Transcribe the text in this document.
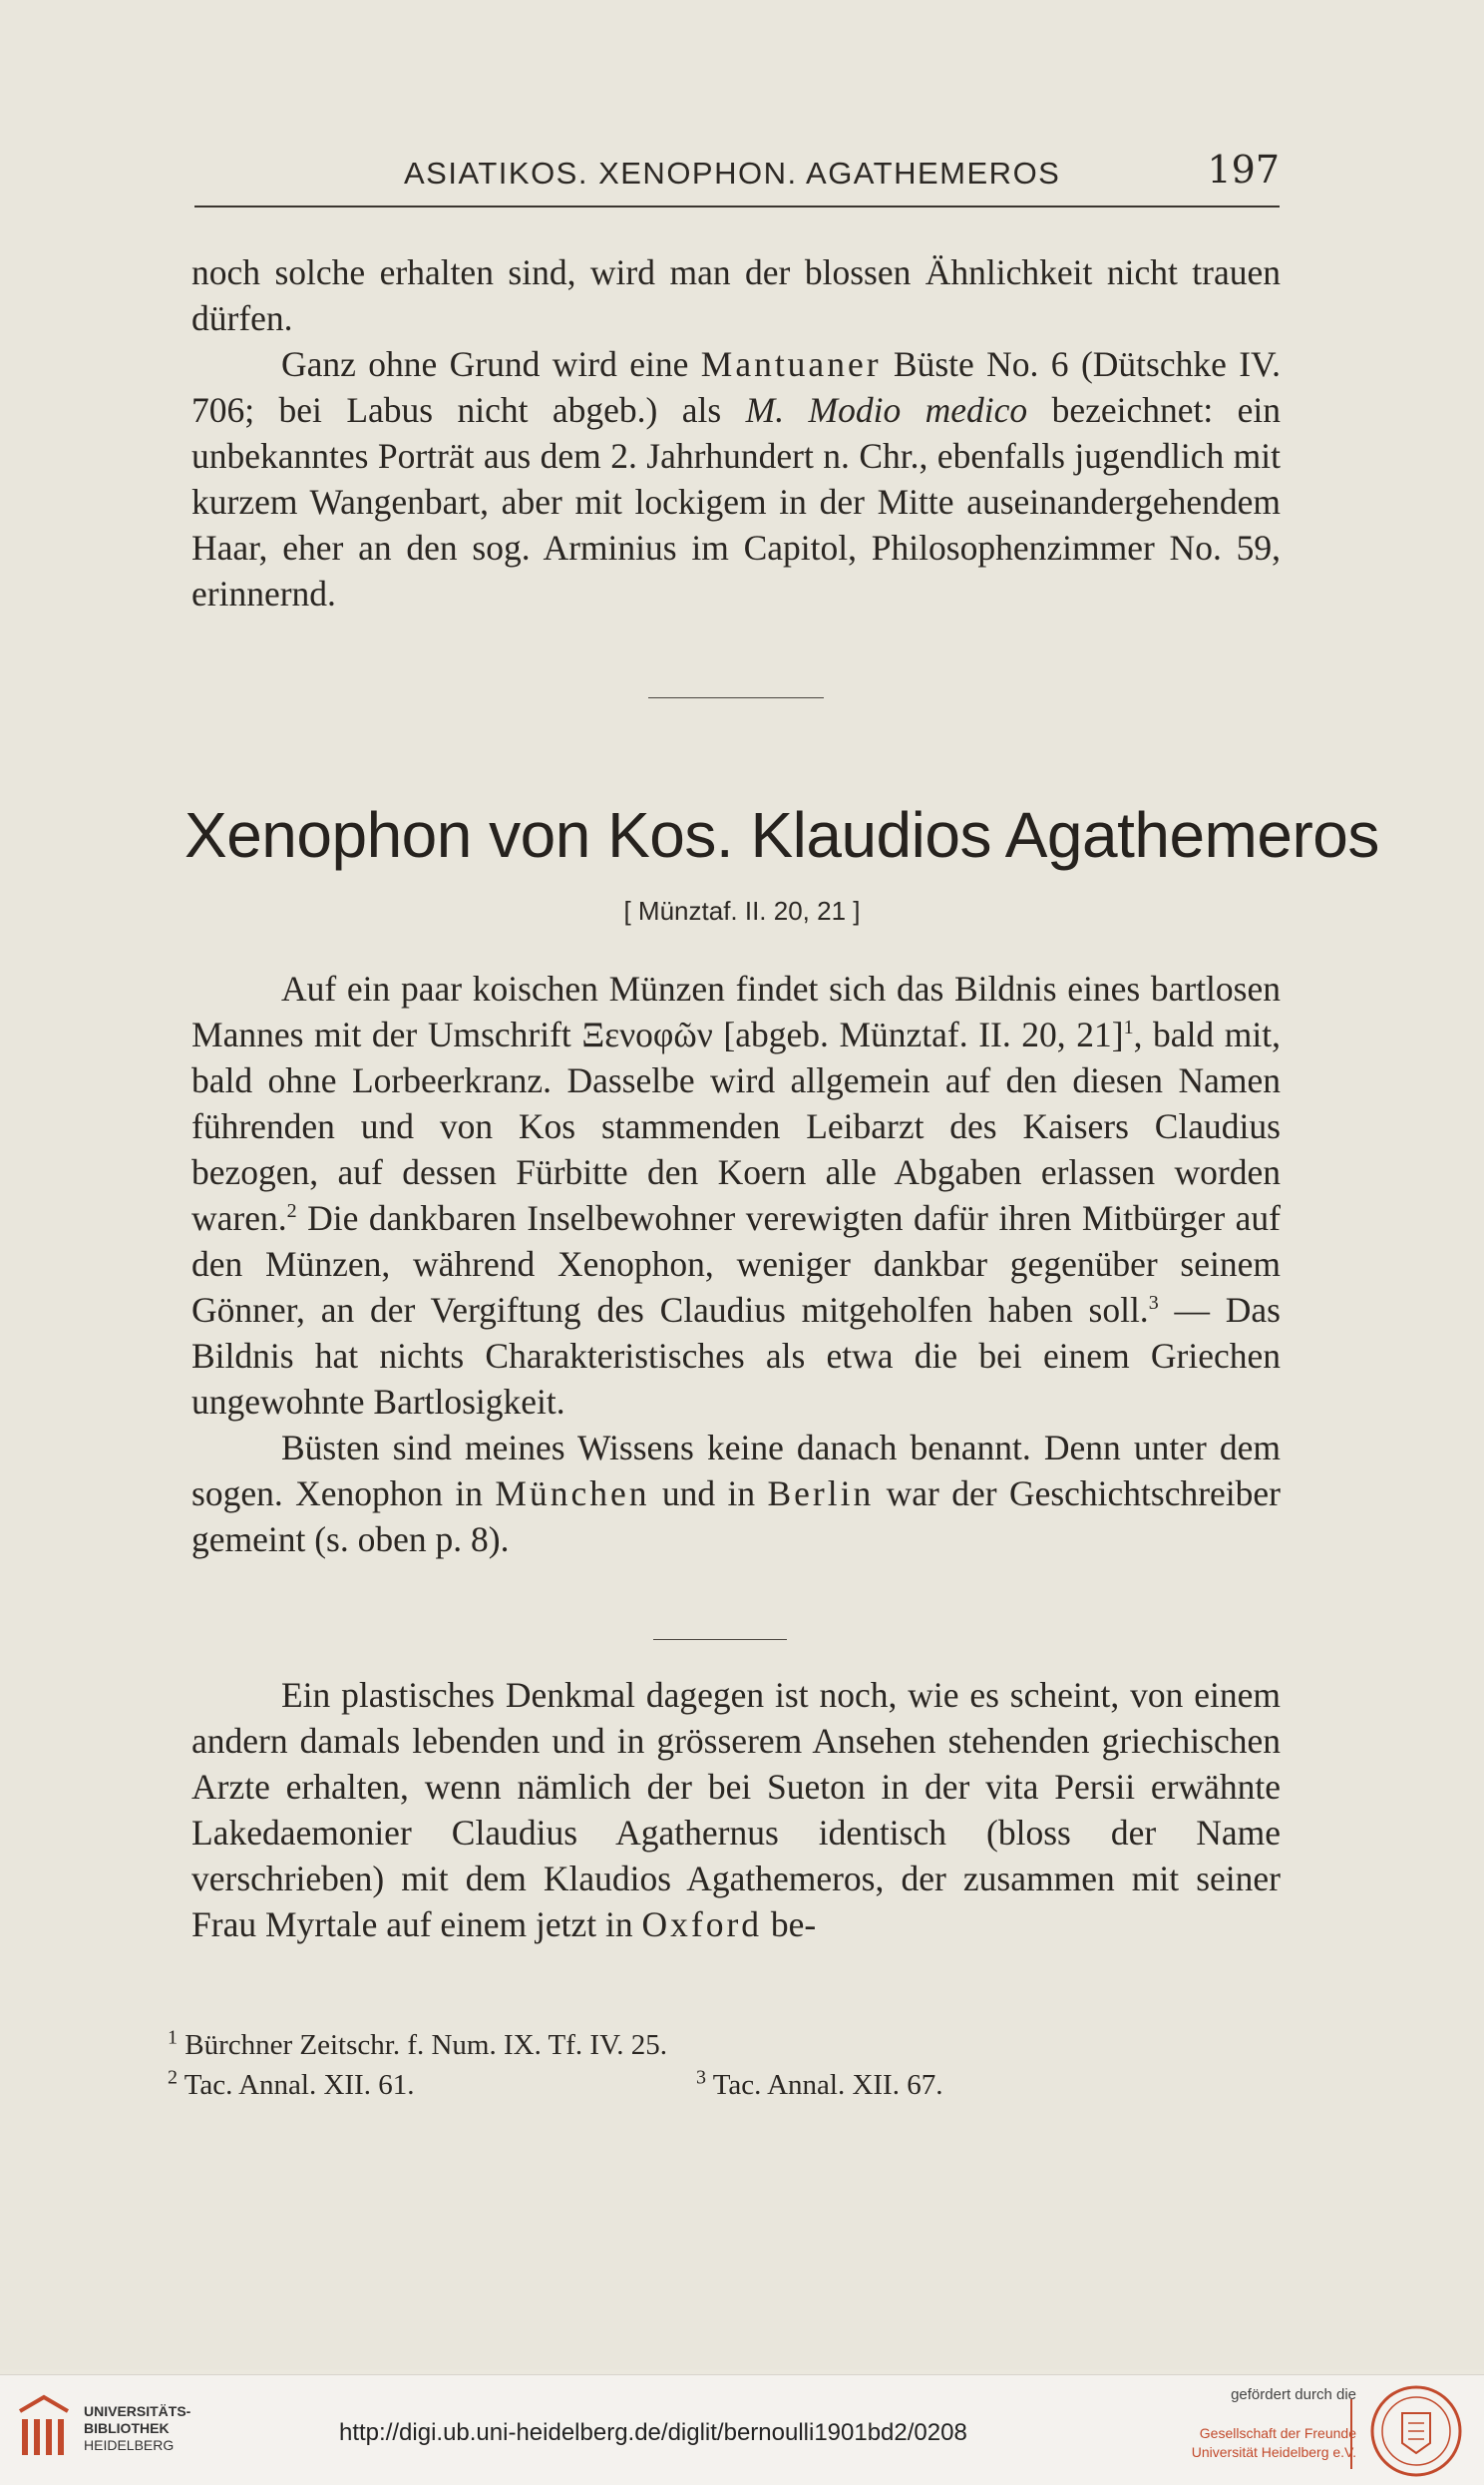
ASIATIKOS. XENOPHON. AGATHEMEROS	197

noch solche erhalten sind, wird man der blossen Ähnlichkeit nicht trauen dürfen.

Ganz ohne Grund wird eine Mantuaner Büste No. 6 (Dütschke IV. 706; bei Labus nicht abgeb.) als M. Modio medico bezeichnet: ein unbekanntes Porträt aus dem 2. Jahrhundert n. Chr., ebenfalls jugendlich mit kurzem Wangenbart, aber mit lockigem in der Mitte auseinandergehendem Haar, eher an den sog. Arminius im Capitol, Philosophenzimmer No. 59, erinnernd.

Xenophon von Kos. Klaudios Agathemeros
[ Münztaf. II. 20, 21 ]

Auf ein paar koischen Münzen findet sich das Bildnis eines bartlosen Mannes mit der Umschrift Ξενοφῶν [abgeb. Münztaf. II. 20, 21]$^1$, bald mit, bald ohne Lorbeerkranz. Dasselbe wird allgemein auf den diesen Namen führenden und von Kos stammenden Leibarzt des Kaisers Claudius bezogen, auf dessen Fürbitte den Koern alle Abgaben erlassen worden waren.$^2$ Die dankbaren Inselbewohner verewigten dafür ihren Mitbürger auf den Münzen, während Xenophon, weniger dankbar gegenüber seinem Gönner, an der Vergiftung des Claudius mitgeholfen haben soll.$^3$ — Das Bildnis hat nichts Charakteristisches als etwa die bei einem Griechen ungewohnte Bartlosigkeit.

Büsten sind meines Wissens keine danach benannt. Denn unter dem sogen. Xenophon in München und in Berlin war der Geschichtschreiber gemeint (s. oben p. 8).

Ein plastisches Denkmal dagegen ist noch, wie es scheint, von einem andern damals lebenden und in grösserem Ansehen stehenden griechischen Arzte erhalten, wenn nämlich der bei Sueton in der vita Persii erwähnte Lakedaemonier Claudius Agathernus identisch (bloss der Name verschrieben) mit dem Klaudios Agathemeros, der zusammen mit seiner Frau Myrtale auf einem jetzt in Oxford be-

$^1$ Bürchner Zeitschr. f. Num. IX. Tf. IV. 25.
$^2$ Tac. Annal. XII. 61.	$^3$ Tac. Annal. XII. 67.
UNIVERSITÄTS-
BIBLIOTHEK
HEIDELBERG	http://digi.ub.uni-heidelberg.de/diglit/bernoulli1901bd2/0208
gefördert durch die
Gesellschaft der Freunde
Universität Heidelberg e.V.
